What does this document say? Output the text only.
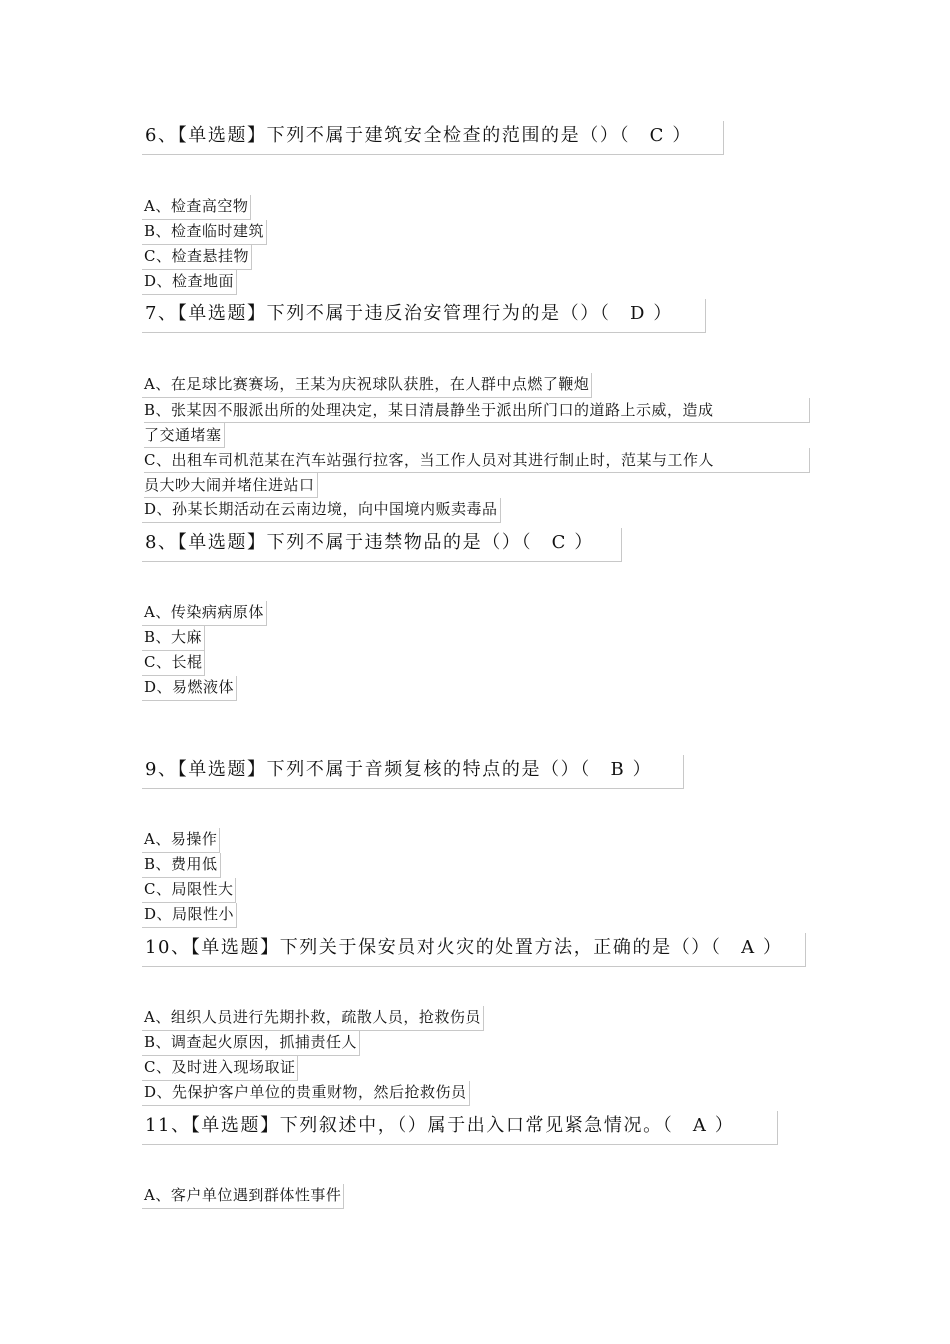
6、【单选题】下列不属于建筑安全检查的范围的是（）（　C ）
A、检查高空物
B、检查临时建筑
C、检查悬挂物
D、检查地面
7、【单选题】下列不属于违反治安管理行为的是（）（　D ）
A、在足球比赛赛场，王某为庆祝球队获胜，在人群中点燃了鞭炮
B、张某因不服派出所的处理决定，某日清晨静坐于派出所门口的道路上示威，造成
了交通堵塞
C、出租车司机范某在汽车站强行拉客，当工作人员对其进行制止时，范某与工作人
员大吵大闹并堵住进站口
D、孙某长期活动在云南边境，向中国境内贩卖毒品
8、【单选题】下列不属于违禁物品的是（）（　C ）
A、传染病病原体
B、大麻
C、长棍
D、易燃液体
9、【单选题】下列不属于音频复核的特点的是（）（　B ）
A、易操作
B、费用低
C、局限性大
D、局限性小
10、【单选题】下列关于保安员对火灾的处置方法，正确的是（）（　A ）
A、组织人员进行先期扑救，疏散人员，抢救伤员
B、调查起火原因，抓捕责任人
C、及时进入现场取证
D、先保护客户单位的贵重财物，然后抢救伤员
11、【单选题】下列叙述中，（）属于出入口常见紧急情况。（　A ）
A、客户单位遇到群体性事件
